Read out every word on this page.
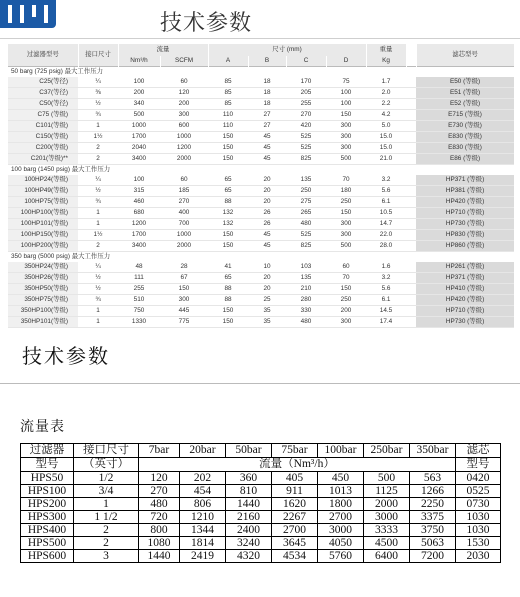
技术参数
过滤器型号	接口尺寸	流量		尺寸 (mm)				重量		滤芯型号
		Nm³/h	SCFM	A	B	C	D	Kg		
50 barg (725 psig) 最大工作压力										
C25(等径)	¼	100	60	85	18	170	75	1.7		E50 (等级)
C37(等径)	⅜	200	120	85	18	205	100	2.0		E51 (等级)
C50(等径)	½	340	200	85	18	255	100	2.2		E52 (等级)
C75 (等级)	¾	500	300	110	27	270	150	4.2		E715 (等级)
C101(等级)	1	1000	600	110	27	420	300	5.0		E730 (等级)
C150(等级)	1½	1700	1000	150	45	525	300	15.0		E830 (等级)
C200(等级)	2	2040	1200	150	45	525	300	15.0		E830 (等级)
C201(等级)**	2	3400	2000	150	45	825	500	21.0		E86 (等级)
100 barg (1450 psig) 最大工作压力										
100HP24(等级)	¼	100	60	65	20	135	70	3.2		HP371 (等级)
100HP49(等级)	½	315	185	65	20	250	180	5.6		HP381 (等级)
100HP75(等级)	¾	460	270	88	20	275	250	6.1		HP420 (等级)
100HP100(等级)	1	680	400	132	26	265	150	10.5		HP710 (等级)
100HP101(等级)	1	1200	700	132	26	480	300	14.7		HP730 (等级)
100HP150(等级)	1½	1700	1000	150	45	525	300	22.0		HP830 (等级)
100HP200(等级)	2	3400	2000	150	45	825	500	28.0		HP860 (等级)
350 barg (5000 psig) 最大工作压力										
350HP24(等级)	¼	48	28	41	10	103	60	1.6		HP261 (等级)
350HP26(等级)	½	111	67	65	20	135	70	3.2		HP371 (等级)
350HP50(等级)	½	255	150	88	20	210	150	5.6		HP410 (等级)
350HP75(等级)	¾	510	300	88	25	280	250	6.1		HP420 (等级)
350HP100(等级)	1	750	445	150	35	330	200	14.5		HP710 (等级)
350HP101(等级)	1	1330	775	150	35	480	300	17.4		HP730 (等级)
技术参数
流量表
过滤器	接口尺寸	7bar	20bar	50bar	75bar	100bar	250bar	350bar	滤芯
型号	（英寸）	流量（Nm³/h）							型号
HPS50	1/2	120	202	360	405	450	500	563	0420
HPS100	3/4	270	454	810	911	1013	1125	1266	0525
HPS200	1	480	806	1440	1620	1800	2000	2250	0730
HPS300	1 1/2	720	1210	2160	2267	2700	3000	3375	1030
HPS400	2	800	1344	2400	2700	3000	3333	3750	1030
HPS500	2	1080	1814	3240	3645	4050	4500	5063	1530
HPS600	3	1440	2419	4320	4534	5760	6400	7200	2030
